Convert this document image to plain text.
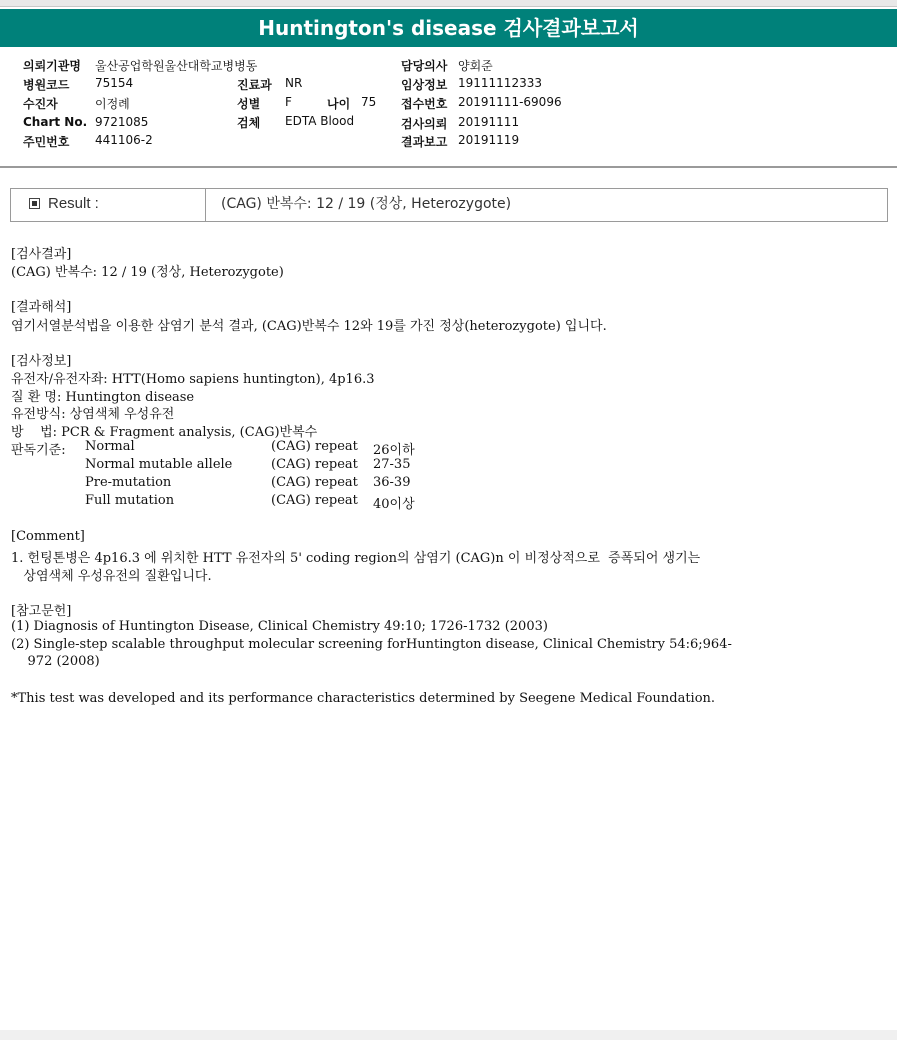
Huntington's disease 검사결과보고서
의뢰기관명 울산공업학원울산대학교병병동
병원코드 75154
수진자	이정례
Chart No. 9721085
주민번호 441106-2
진료과 NR
성별 F	나이 75
검체 EDTA Blood
담당의사 양회준
임상정보 19111112333
접수번호 20191111-69096
검사의뢰 20191111
결과보고 20191119
Result :	(CAG) 반복수: 12 / 19 (정상, Heterozygote)
[검사결과]
(CAG) 반복수: 12 / 19 (정상, Heterozygote)
[결과해석]
염기서열분석법을 이용한 삼염기 분석 결과, (CAG)반복수 12와 19를 가진 정상(heterozygote) 입니다.
[검사정보]
유전자/유전자좌: HTT(Homo sapiens huntington), 4p16.3
질 환 명: Huntington disease
유전방식: 상염색체 우성유전
방    법: PCR & Fragment analysis, (CAG)반복수
판독기준: Normal	(CAG) repeat 26이하
Normal mutable allele	(CAG) repeat 27-35
Pre-mutation	(CAG) repeat 36-39
Full mutation	(CAG) repeat 40이상
[Comment]
1. 헌팅톤병은 4p16.3 에 위치한 HTT 유전자의 5' coding region의 삼염기 (CAG)n 이 비정상적으로  증폭되어 생기는
상염색체 우성유전의 질환입니다.
[참고문헌]
(1) Diagnosis of Huntington Disease, Clinical Chemistry 49:10; 1726-1732 (2003)
(2) Single-step scalable throughput molecular screening forHuntington disease, Clinical Chemistry 54:6;964-
972 (2008)
*This test was developed and its performance characteristics determined by Seegene Medical Foundation.
